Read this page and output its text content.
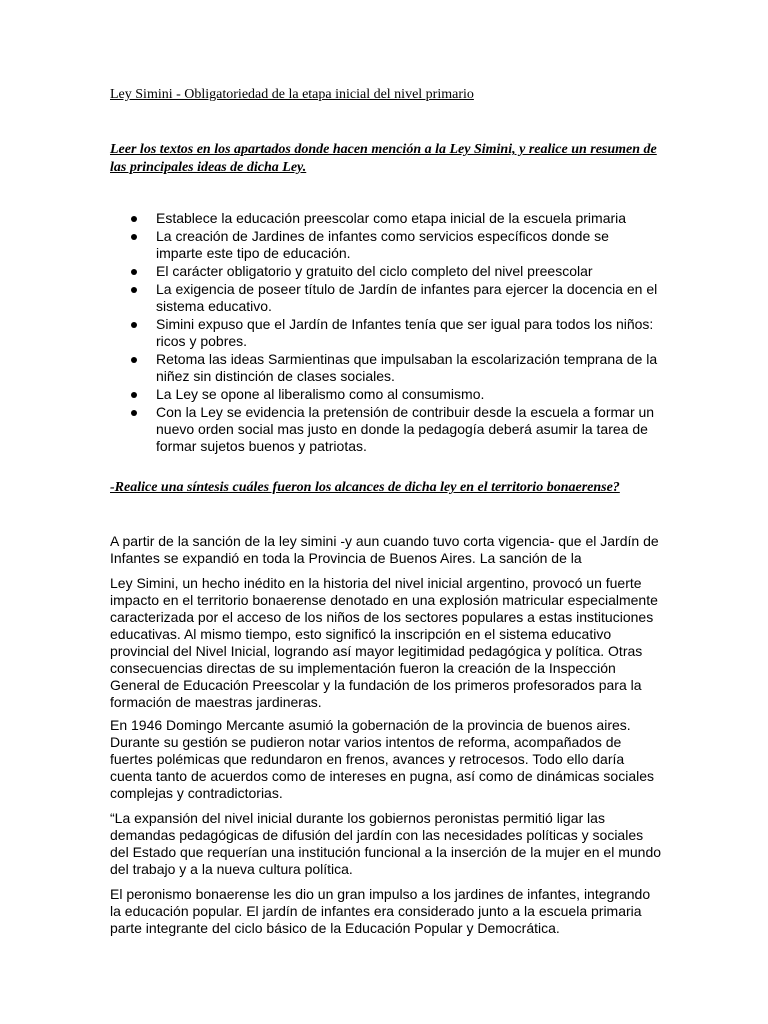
Ley Simini - Obligatoriedad de la etapa inicial del nivel primario
Leer los textos en los apartados donde hacen mención a la Ley Simini, y realice un resumen de las principales ideas de dicha Ley.
Establece la educación preescolar como etapa inicial de la escuela primaria
La creación de Jardines de infantes como servicios específicos donde se imparte este tipo de educación.
El carácter obligatorio y gratuito del ciclo completo del nivel preescolar
La exigencia de poseer título de Jardín de infantes para ejercer la docencia en el sistema educativo.
Simini expuso que el Jardín de Infantes tenía que ser igual para todos los niños: ricos y pobres.
Retoma las ideas Sarmientinas que impulsaban la escolarización temprana de la niñez sin distinción de clases sociales.
La Ley se opone al liberalismo como al consumismo.
Con la Ley se evidencia la pretensión de contribuir desde la escuela a formar un nuevo orden social mas justo en donde la pedagogía deberá asumir la tarea de formar sujetos buenos y patriotas.
-Realice una síntesis cuáles fueron los alcances de dicha ley en el territorio bonaerense?

A partir de la sanción de la ley simini -y aun cuando tuvo corta vigencia- que el Jardín de Infantes se expandió en toda la Provincia de Buenos Aires. La sanción de la

Ley Simini, un hecho inédito en la historia del nivel inicial argentino, provocó un fuerte impacto en el territorio bonaerense denotado en una explosión matricular especialmente caracterizada por el acceso de los niños de los sectores populares a estas instituciones educativas. Al mismo tiempo, esto significó la inscripción en el sistema educativo provincial del Nivel Inicial, logrando así mayor legitimidad pedagógica y política. Otras consecuencias directas de su implementación fueron la creación de la Inspección General de Educación Preescolar y la fundación de los primeros profesorados para la formación de maestras jardineras.

En 1946 Domingo Mercante asumió la gobernación de la provincia de buenos aires. Durante su gestión se pudieron notar varios intentos de reforma, acompañados de fuertes polémicas que redundaron en frenos, avances y retrocesos. Todo ello daría cuenta tanto de acuerdos como de intereses en pugna, así como de dinámicas sociales complejas y contradictorias.

“La expansión del nivel inicial durante los gobiernos peronistas permitió ligar las demandas pedagógicas de difusión del jardín con las necesidades políticas y sociales del Estado que requerían una institución funcional a la inserción de la mujer en el mundo del trabajo y a la nueva cultura política.

El peronismo bonaerense les dio un gran impulso a los jardines de infantes, integrando la educación popular. El jardín de infantes era considerado junto a la escuela primaria parte integrante del ciclo básico de la Educación Popular y Democrática.
